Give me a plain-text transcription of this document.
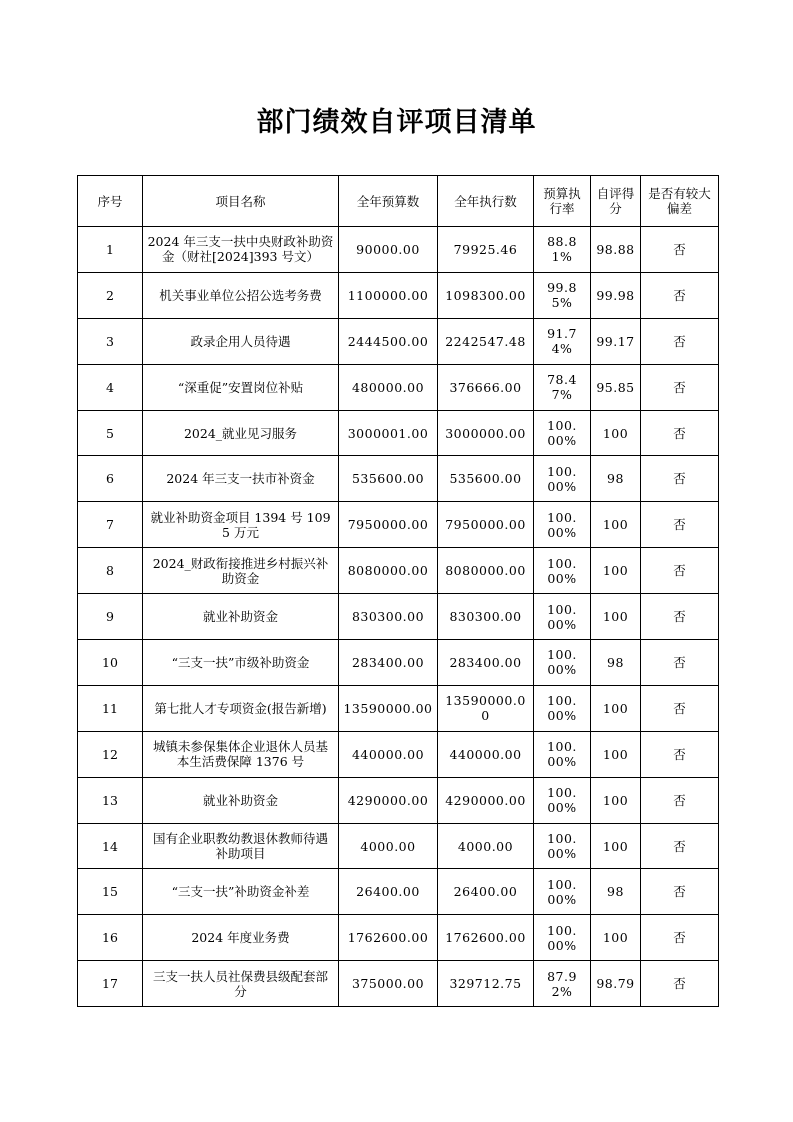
部门绩效自评项目清单
序号	项目名称	全年预算数	全年执行数	预算执行率	自评得分	是否有较大偏差
1	2024 年三支一扶中央财政补助资金（财社[2024]393 号文）	90000.00	79925.46	88.81%	98.88	否
2	机关事业单位公招公选考务费	1100000.00	1098300.00	99.85%	99.98	否
3	政录企用人员待遇	2444500.00	2242547.48	91.74%	99.17	否
4	“深重促”安置岗位补贴	480000.00	376666.00	78.47%	95.85	否
5	2024_就业见习服务	3000001.00	3000000.00	100.00%	100	否
6	2024 年三支一扶市补资金	535600.00	535600.00	100.00%	98	否
7	就业补助资金项目 1394 号 1095 万元	7950000.00	7950000.00	100.00%	100	否
8	2024_财政衔接推进乡村振兴补助资金	8080000.00	8080000.00	100.00%	100	否
9	就业补助资金	830300.00	830300.00	100.00%	100	否
10	“三支一扶”市级补助资金	283400.00	283400.00	100.00%	98	否
11	第七批人才专项资金(报告新增)	13590000.00	13590000.00	100.00%	100	否
12	城镇未参保集体企业退休人员基本生活费保障 1376 号	440000.00	440000.00	100.00%	100	否
13	就业补助资金	4290000.00	4290000.00	100.00%	100	否
14	国有企业职教幼教退休教师待遇补助项目	4000.00	4000.00	100.00%	100	否
15	“三支一扶”补助资金补差	26400.00	26400.00	100.00%	98	否
16	2024 年度业务费	1762600.00	1762600.00	100.00%	100	否
17	三支一扶人员社保费县级配套部分	375000.00	329712.75	87.92%	98.79	否
